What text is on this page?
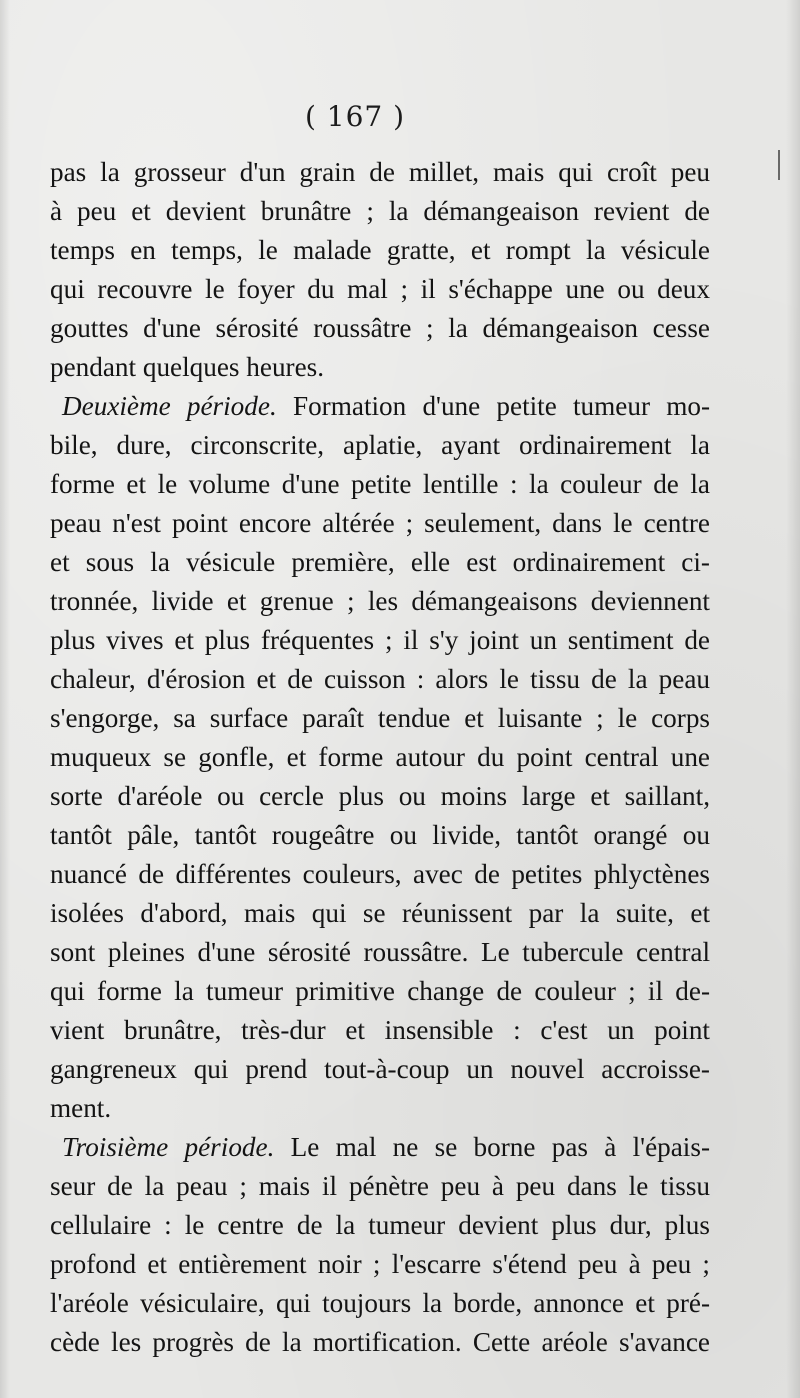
( 167 )
pas la grosseur d'un grain de millet, mais qui croît peu
à peu et devient brunâtre ; la démangeaison revient de
temps en temps, le malade gratte, et rompt la vésicule
qui recouvre le foyer du mal ; il s'échappe une ou deux
gouttes d'une sérosité roussâtre ; la démangeaison cesse
pendant quelques heures.
Deuxième période. Formation d'une petite tumeur mo-
bile, dure, circonscrite, aplatie, ayant ordinairement la
forme et le volume d'une petite lentille : la couleur de la
peau n'est point encore altérée ; seulement, dans le centre
et sous la vésicule première, elle est ordinairement ci-
tronnée, livide et grenue ; les démangeaisons deviennent
plus vives et plus fréquentes ; il s'y joint un sentiment de
chaleur, d'érosion et de cuisson : alors le tissu de la peau
s'engorge, sa surface paraît tendue et luisante ; le corps
muqueux se gonfle, et forme autour du point central une
sorte d'aréole ou cercle plus ou moins large et saillant,
tantôt pâle, tantôt rougeâtre ou livide, tantôt orangé ou
nuancé de différentes couleurs, avec de petites phlyctènes
isolées d'abord, mais qui se réunissent par la suite, et
sont pleines d'une sérosité roussâtre. Le tubercule central
qui forme la tumeur primitive change de couleur ; il de-
vient brunâtre, très-dur et insensible : c'est un point
gangreneux qui prend tout-à-coup un nouvel accroisse-
ment.
Troisième période. Le mal ne se borne pas à l'épais-
seur de la peau ; mais il pénètre peu à peu dans le tissu
cellulaire : le centre de la tumeur devient plus dur, plus
profond et entièrement noir ; l'escarre s'étend peu à peu ;
l'aréole vésiculaire, qui toujours la borde, annonce et pré-
cède les progrès de la mortification. Cette aréole s'avance
